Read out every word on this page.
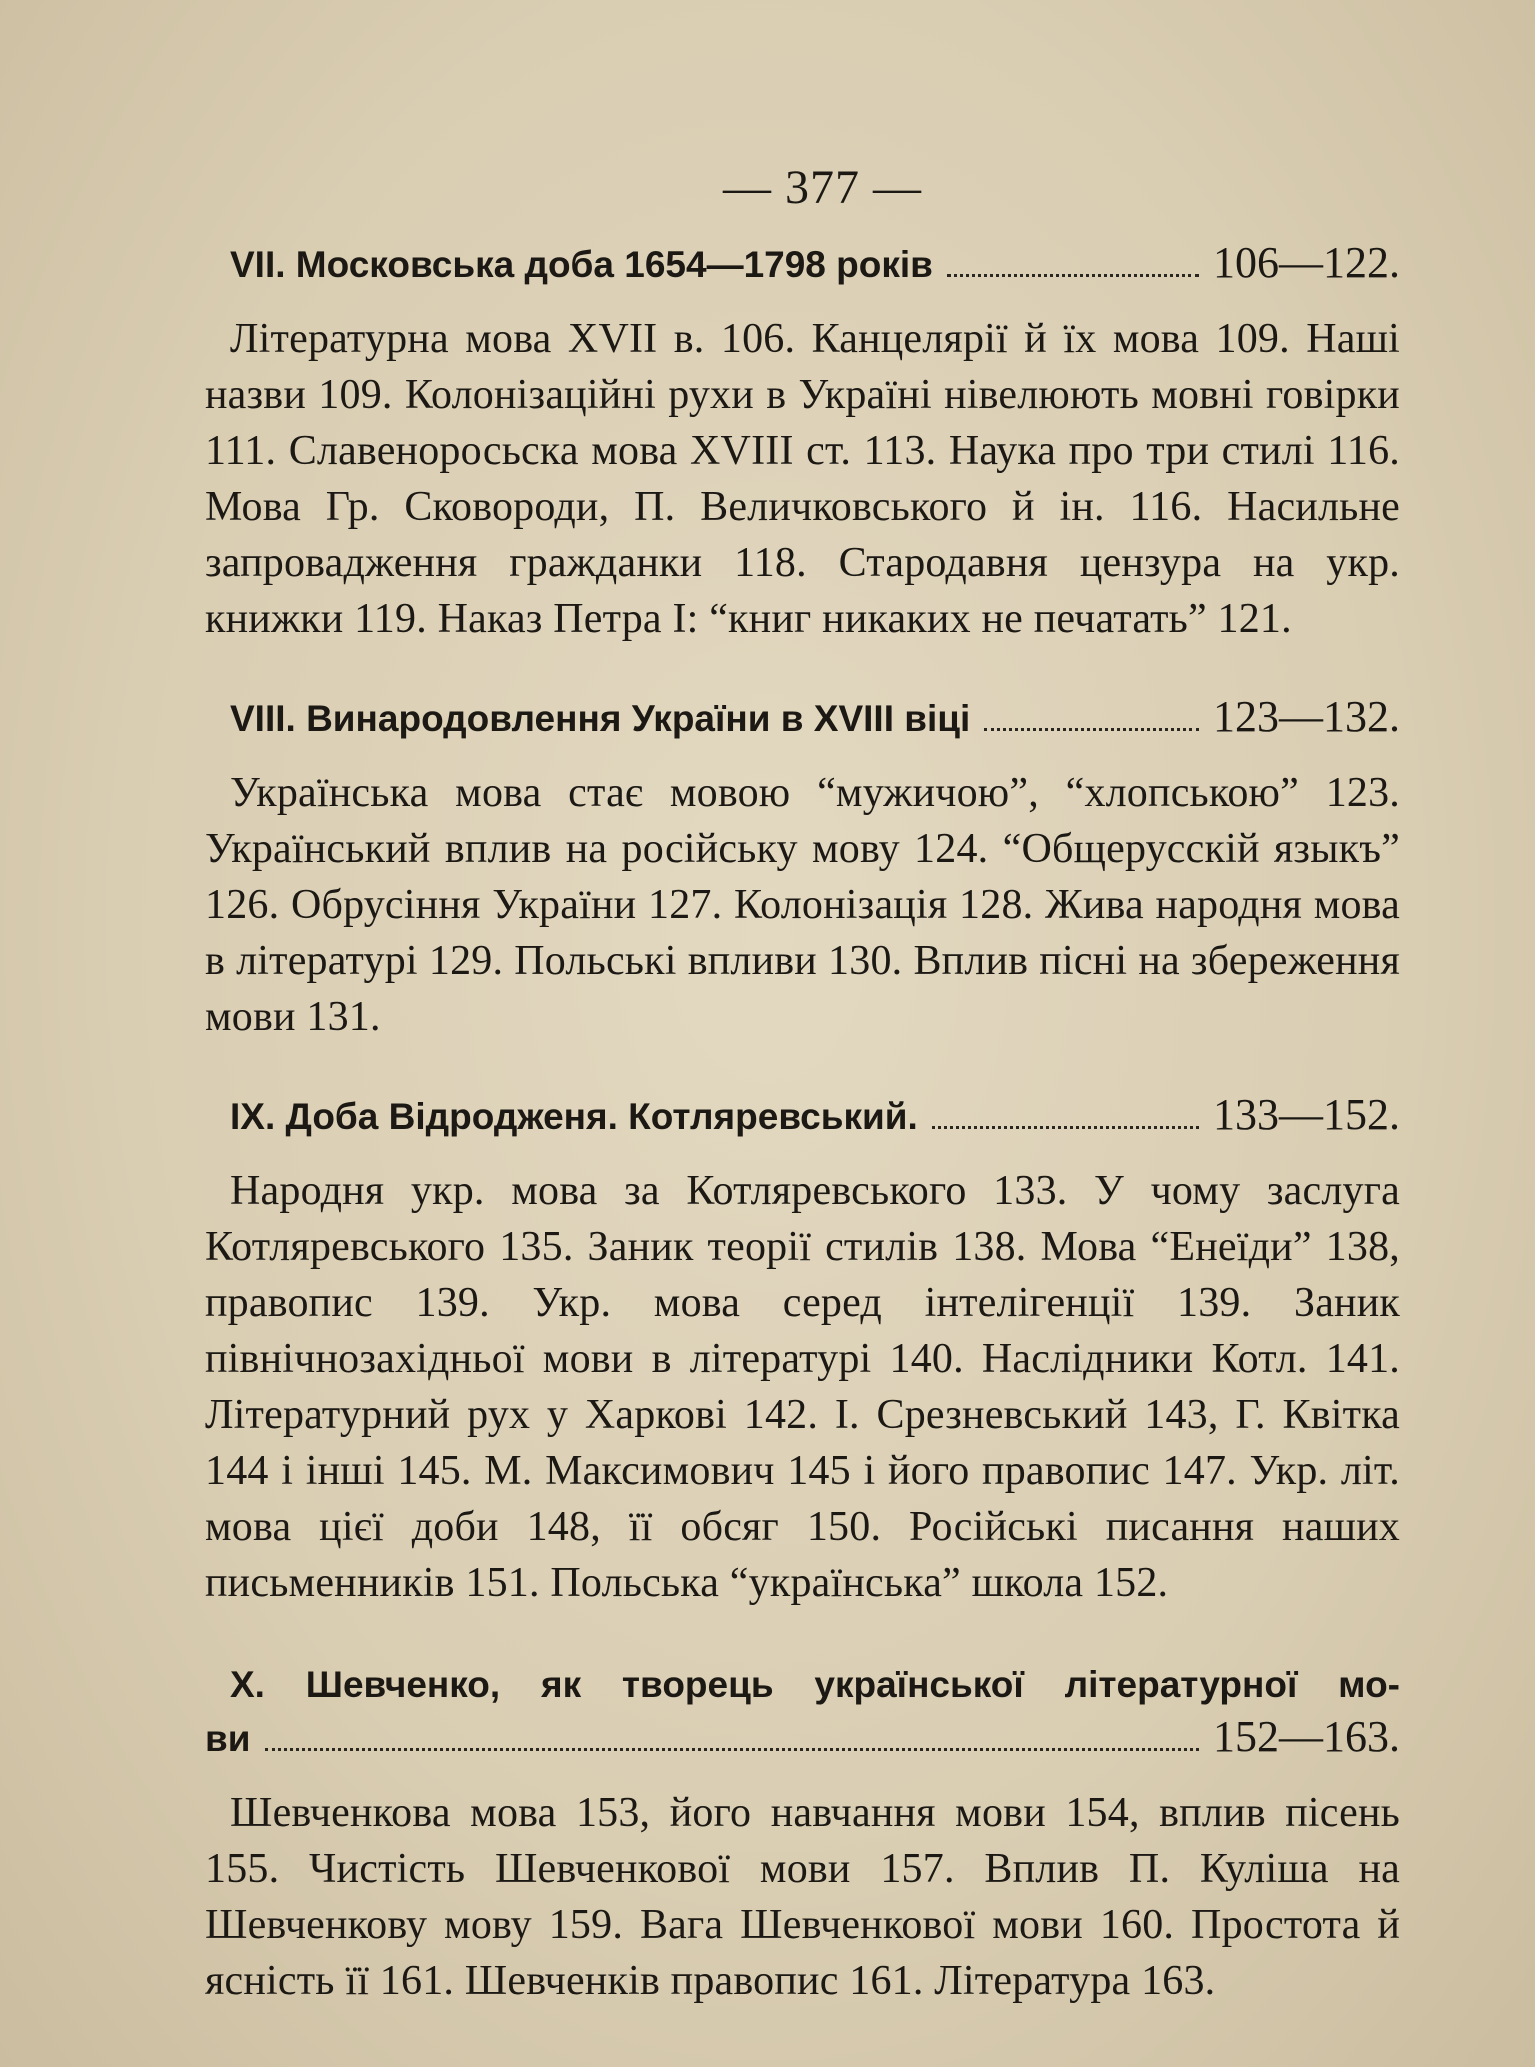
— 377 —
VII. Московська доба 1654—1798 років	106—122.
Літературна мова XVII в. 106. Канцелярії й їх мова 109. Наші назви 109. Колонізаційні рухи в Україні нівелюють мовні говірки 111. Славеноросьска мова XVIII ст. 113. Наука про три стилі 116. Мова Гр. Сковороди, П. Величковського й ін. 116. Насильне запровадження гражданки 118. Стародавня цензура на укр. книжки 119. Наказ Петра І: “книг никаких не печатать” 121.
VIII. Винародовлення України в XVIII віці	123—132.
Українська мова стає мовою “мужичою”, “хлопською” 123. Український вплив на російську мову 124. “Общерусскій языкъ” 126. Обрусіння України 127. Колонізація 128. Жива народня мова в літературі 129. Польські впливи 130. Вплив пісні на збереження мови 131.
IX. Доба Відродженя. Котляревський.	133—152.
Народня укр. мова за Котляревського 133. У чому заслуга Котляревського 135. Заник теорії стилів 138. Мова “Енеїди” 138, правопис 139. Укр. мова серед інтелігенції 139. Заник північнозахідньої мови в літературі 140. Наслідники Котл. 141. Літературний рух у Харкові 142. І. Срезневський 143, Г. Квітка 144 і інші 145. М. Максимович 145 і його правопис 147. Укр. літ. мова цієї доби 148, її обсяг 150. Російські писання наших письменників 151. Польська “українська” школа 152.
X. Шевченко, як творець української літературної мо-
ви	152—163.
Шевченкова мова 153, його навчання мови 154, вплив пісень 155. Чистість Шевченкової мови 157. Вплив П. Куліша на Шевченкову мову 159. Вага Шевченкової мови 160. Простота й ясність її 161. Шевченків правопис 161. Література 163.
